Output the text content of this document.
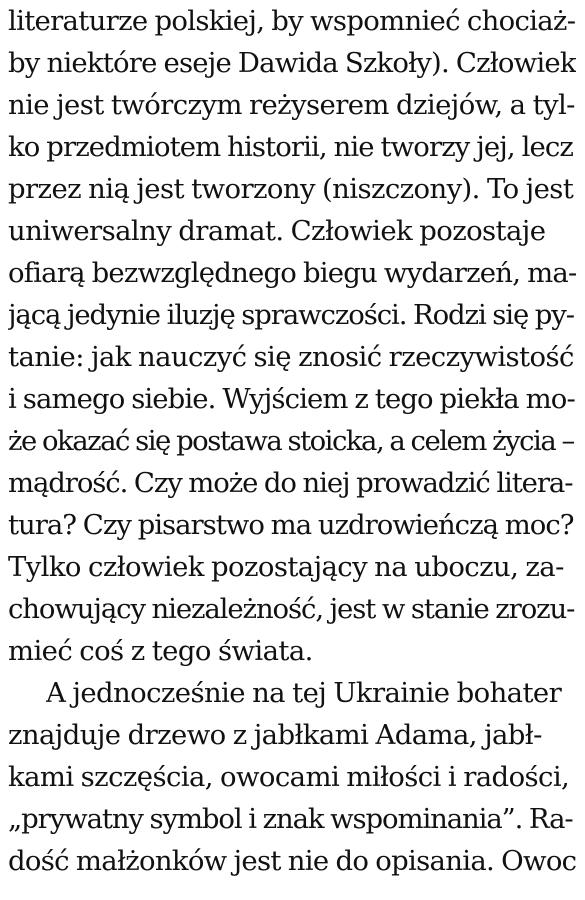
literaturze polskiej, by wspomnieć chociaż-
by niektóre eseje Dawida Szkoły). Człowiek
nie jest twórczym reżyserem dziejów, a tyl-
ko przedmiotem historii, nie tworzy jej, lecz
przez nią jest tworzony (niszczony). To jest
uniwersalny dramat. Człowiek pozostaje
ofiarą bezwzględnego biegu wydarzeń, ma-
jącą jedynie iluzję sprawczości. Rodzi się py-
tanie: jak nauczyć się znosić rzeczywistość
i samego siebie. Wyjściem z tego piekła mo-
że okazać się postawa stoicka, a celem życia –
mądrość. Czy może do niej prowadzić litera-
tura? Czy pisarstwo ma uzdrowieńczą moc?
Tylko człowiek pozostający na uboczu, za-
chowujący niezależność, jest w stanie zrozu-
mieć coś z tego świata.
A jednocześnie na tej Ukrainie bohater
znajduje drzewo z jabłkami Adama, jabł-
kami szczęścia, owocami miłości i radości,
„prywatny symbol i znak wspominania”. Ra-
dość małżonków jest nie do opisania. Owoc
